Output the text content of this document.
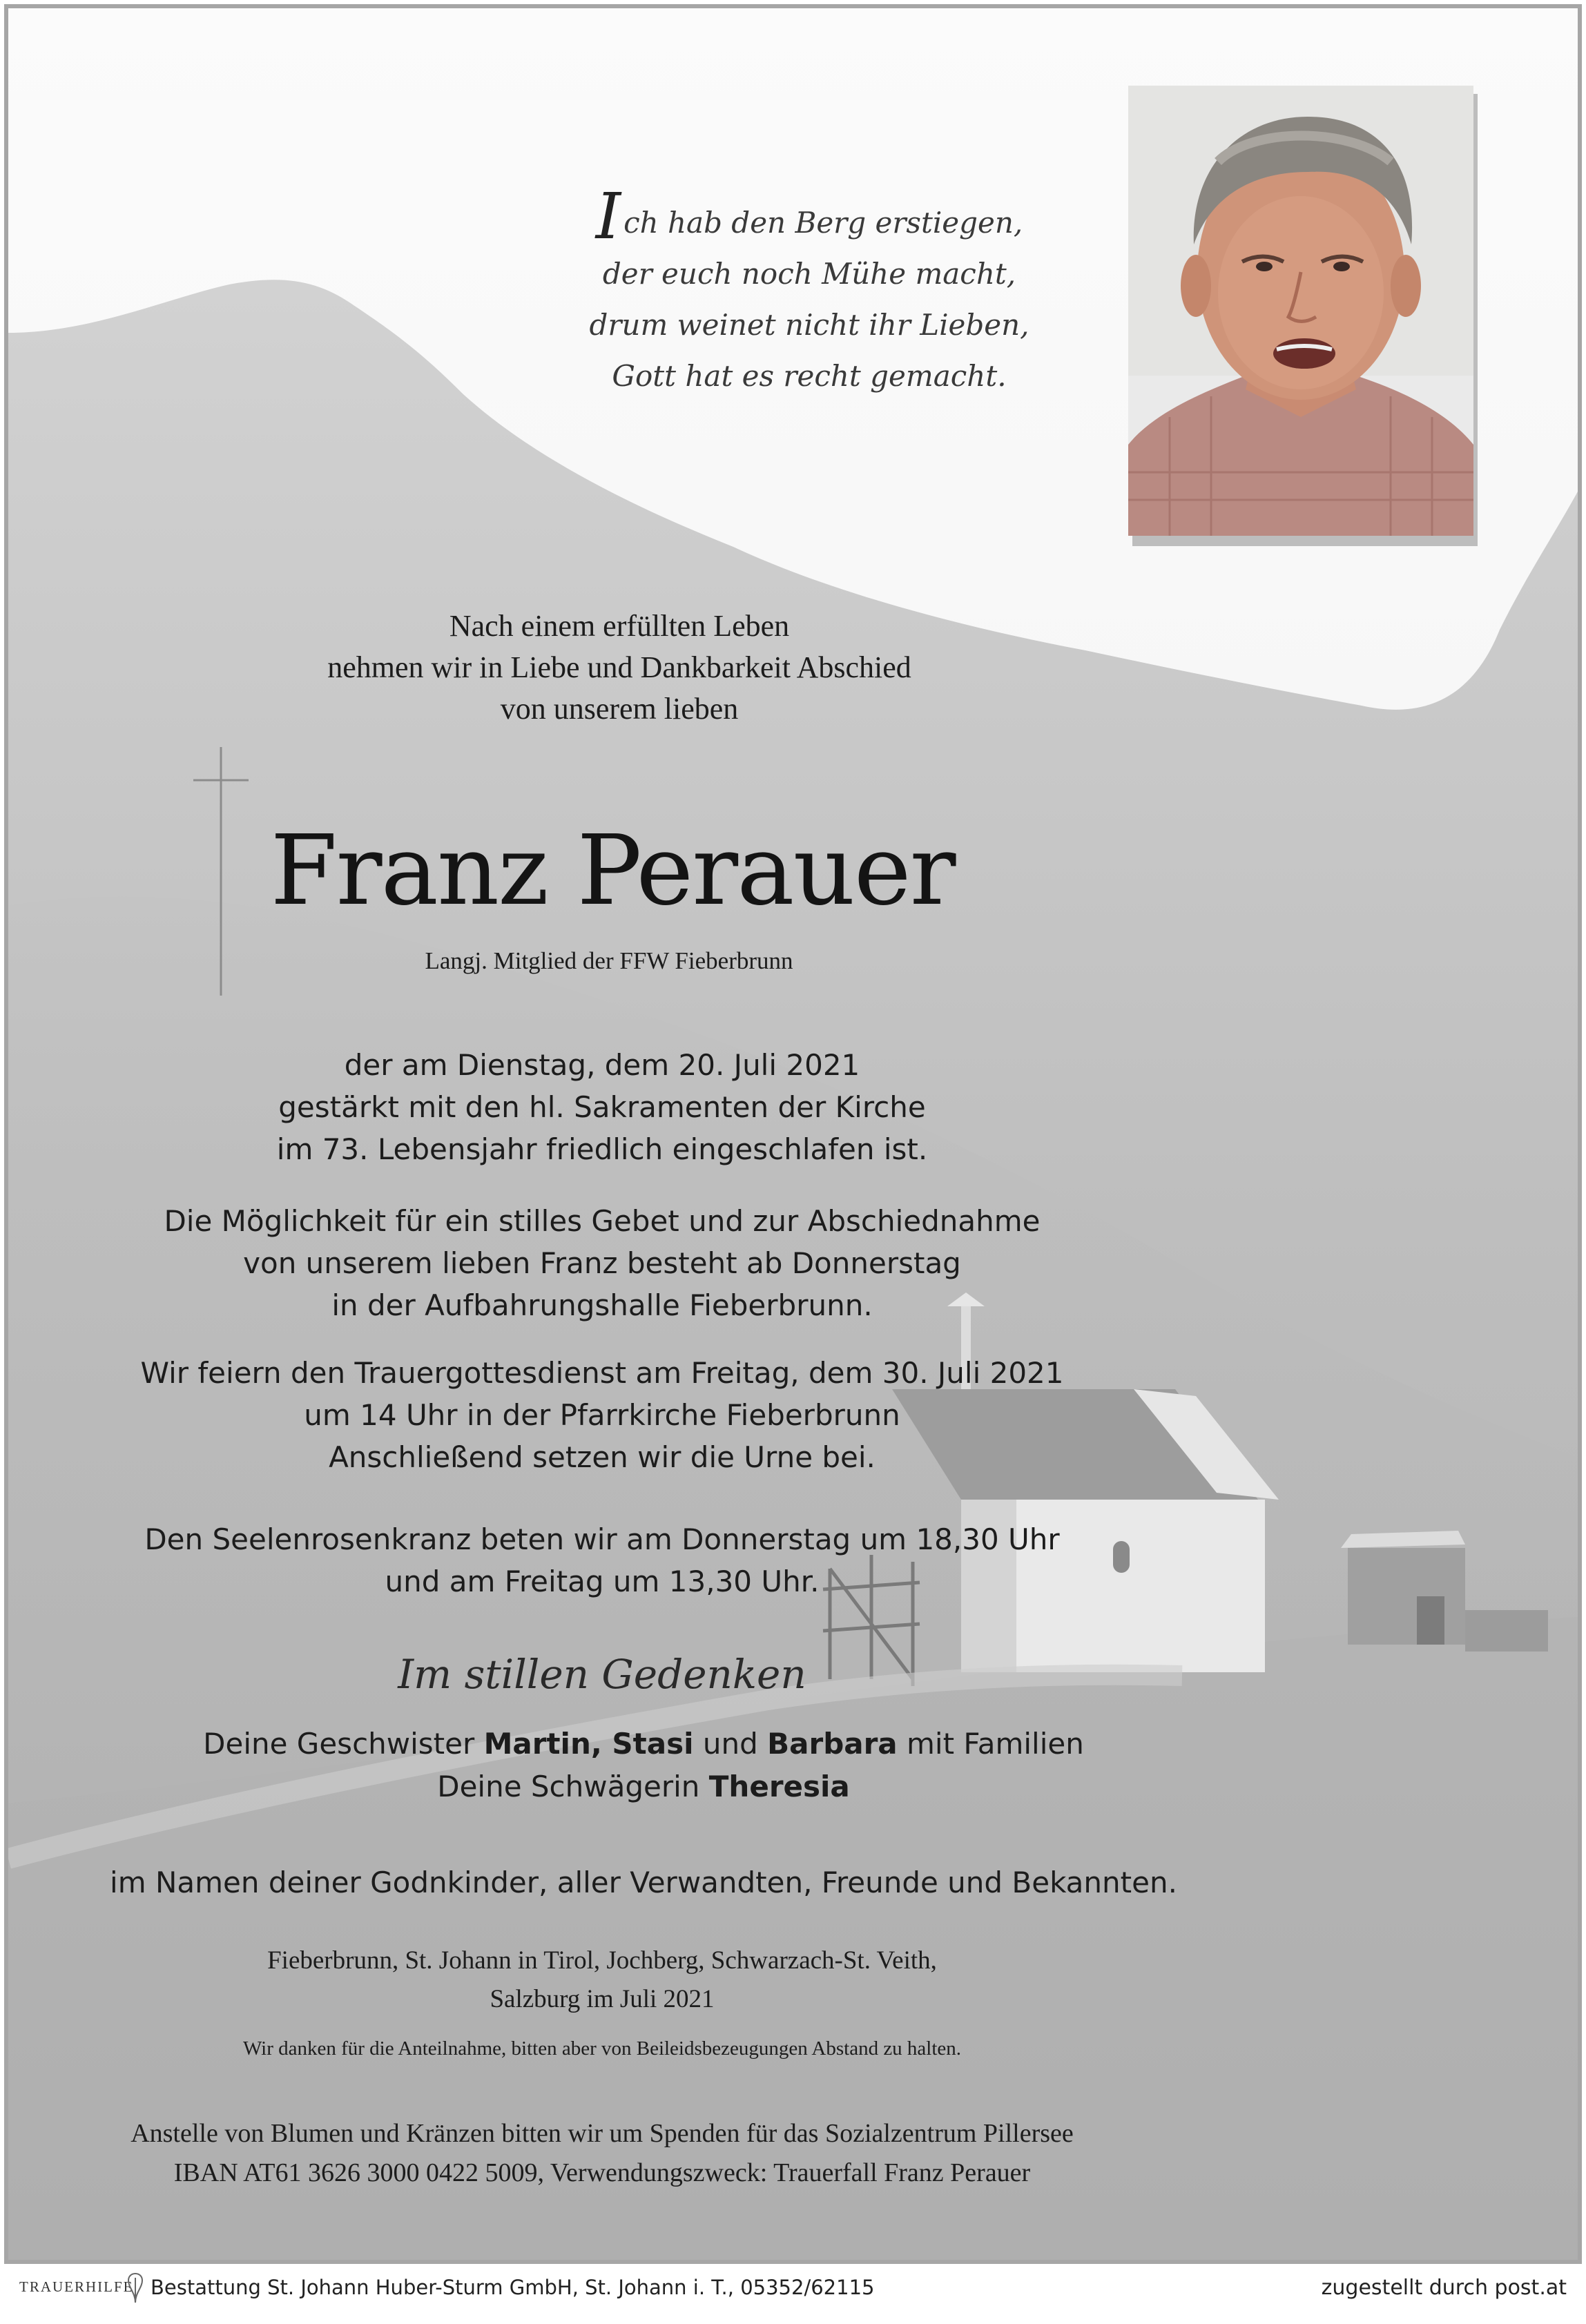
Ich hab den Berg erstiegen,
der euch noch Mühe macht,
drum weinet nicht ihr Lieben,
Gott hat es recht gemacht.
Nach einem erfüllten Leben
nehmen wir in Liebe und Dankbarkeit Abschied
von unserem lieben
Franz Perauer
Langj. Mitglied der FFW Fieberbrunn
der am Dienstag, dem 20. Juli 2021
gestärkt mit den hl. Sakramenten der Kirche
im 73. Lebensjahr friedlich eingeschlafen ist.
Die Möglichkeit für ein stilles Gebet und zur Abschiednahme
von unserem lieben Franz besteht ab Donnerstag
in der Aufbahrungshalle Fieberbrunn.
Wir feiern den Trauergottesdienst am Freitag, dem 30. Juli 2021
um 14 Uhr in der Pfarrkirche Fieberbrunn
Anschließend setzen wir die Urne bei.
Den Seelenrosenkranz beten wir am Donnerstag um 18,30 Uhr
und am Freitag um 13,30 Uhr.
Im stillen Gedenken
Deine Geschwister Martin, Stasi und Barbara mit Familien
Deine Schwägerin Theresia
im Namen deiner Godnkinder, aller Verwandten, Freunde und Bekannten.
Fieberbrunn, St. Johann in Tirol, Jochberg, Schwarzach-St. Veith,
Salzburg im Juli 2021
Wir danken für die Anteilnahme, bitten aber von Beileidsbezeugungen Abstand zu halten.
Anstelle von Blumen und Kränzen bitten wir um Spenden für das Sozialzentrum Pillersee
IBAN AT61 3626 3000 0422 5009, Verwendungszweck: Trauerfall Franz Perauer
TRAUERHILFE Bestattung St. Johann Huber-Sturm GmbH, St. Johann i. T., 05352/62115	zugestellt durch post.at
